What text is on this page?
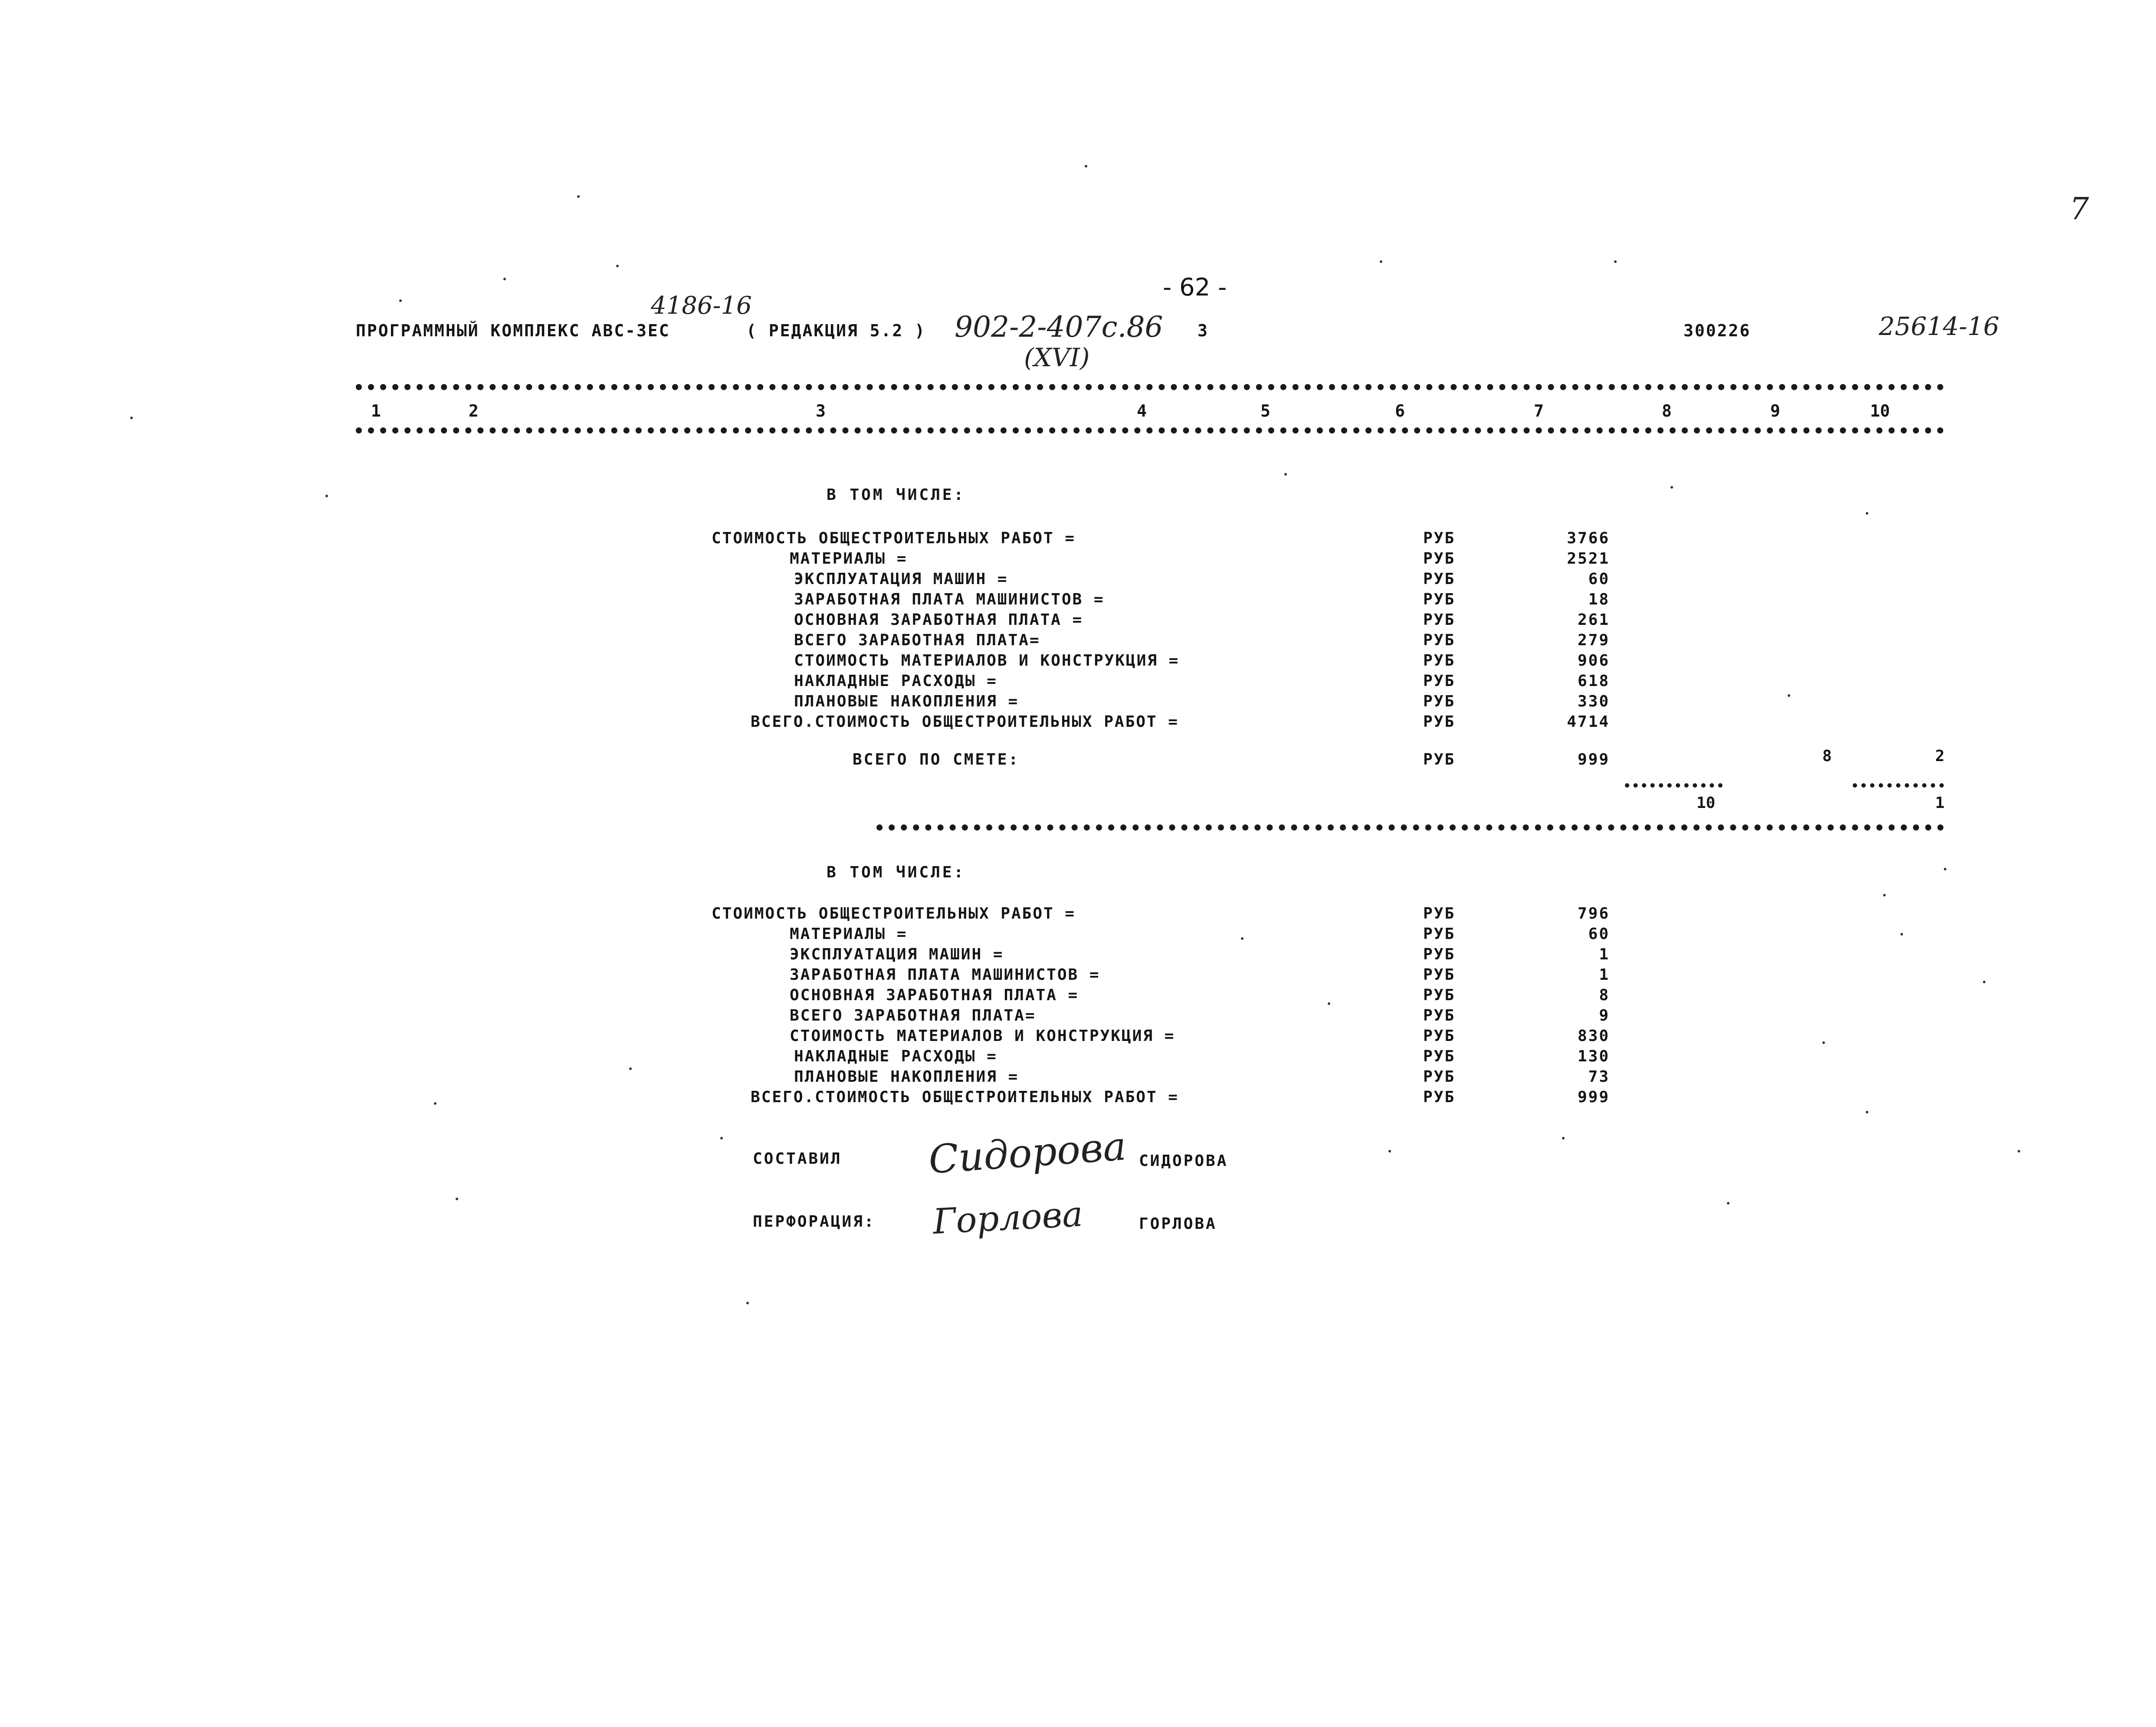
- 62 -
ПРОГРАММНЫЙ КОМПЛЕКС АВС-3ЕС	( РЕДАКЦИЯ 5.2 )
4186-16
902-2-407с.86
(XVI)
3	300226	25614-16
7
1	2	3	4	5	6	7	8	9	10
В ТОМ ЧИСЛЕ:
СТОИМОСТЬ ОБЩЕСТРОИТЕЛЬНЫХ РАБОТ =	РУБ	3766
МАТЕРИАЛЫ =	РУБ	2521
ЭКСПЛУАТАЦИЯ МАШИН =	РУБ	60
ЗАРАБОТНАЯ ПЛАТА МАШИНИСТОВ =	РУБ	18
ОСНОВНАЯ ЗАРАБОТНАЯ ПЛАТА =	РУБ	261
ВСЕГО ЗАРАБОТНАЯ ПЛАТА=	РУБ	279
СТОИМОСТЬ МАТЕРИАЛОВ И КОНСТРУКЦИЯ =	РУБ	906
НАКЛАДНЫЕ РАСХОДЫ =	РУБ	618
ПЛАНОВЫЕ НАКОПЛЕНИЯ =	РУБ	330
ВСЕГО.СТОИМОСТЬ ОБЩЕСТРОИТЕЛЬНЫХ РАБОТ =	РУБ	4714
ВСЕГО ПО СМЕТЕ:	РУБ	999	8	2
10	1
В ТОМ ЧИСЛЕ:
СТОИМОСТЬ ОБЩЕСТРОИТЕЛЬНЫХ РАБОТ =	РУБ	796
МАТЕРИАЛЫ =	РУБ	60
ЭКСПЛУАТАЦИЯ МАШИН =	РУБ	1
ЗАРАБОТНАЯ ПЛАТА МАШИНИСТОВ =	РУБ	1
ОСНОВНАЯ ЗАРАБОТНАЯ ПЛАТА =	РУБ	8
ВСЕГО ЗАРАБОТНАЯ ПЛАТА=	РУБ	9
СТОИМОСТЬ МАТЕРИАЛОВ И КОНСТРУКЦИЯ =	РУБ	830
НАКЛАДНЫЕ РАСХОДЫ =	РУБ	130
ПЛАНОВЫЕ НАКОПЛЕНИЯ =	РУБ	73
ВСЕГО.СТОИМОСТЬ ОБЩЕСТРОИТЕЛЬНЫХ РАБОТ =	РУБ	999
СОСТАВИЛ Сидорова СИДОРОВА
ПЕРФОРАЦИЯ: Горлова	ГОРЛОВА
